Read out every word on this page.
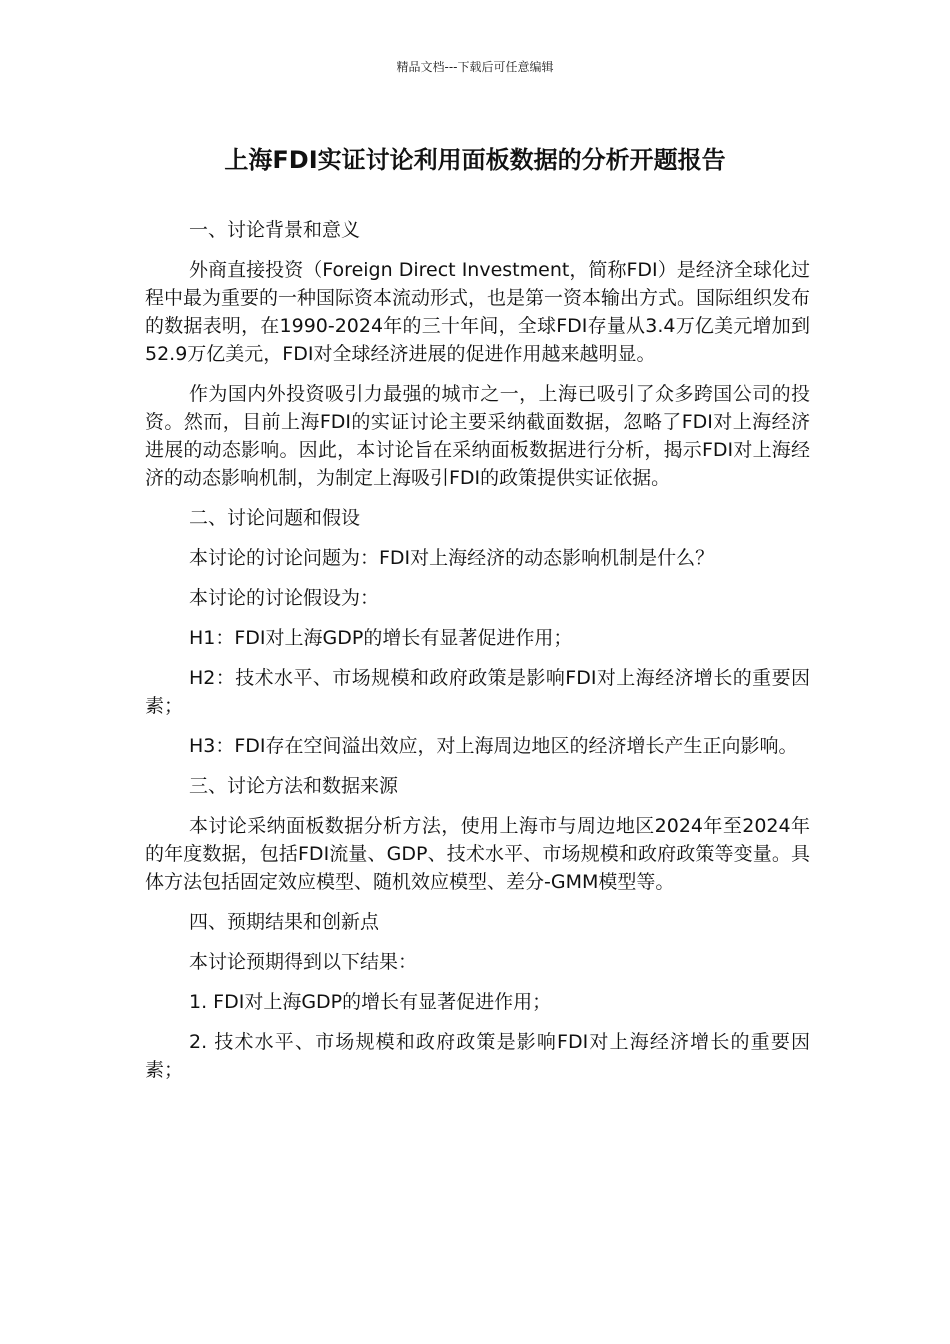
精品文档---下载后可任意编辑
上海FDI实证讨论利用面板数据的分析开题报告

一、讨论背景和意义

外商直接投资（Foreign Direct Investment，简称FDI）是经济全球化过程中最为重要的一种国际资本流动形式，也是第一资本输出方式。国际组织发布的数据表明，在1990-2024年的三十年间，全球FDI存量从3.4万亿美元增加到52.9万亿美元，FDI对全球经济进展的促进作用越来越明显。

作为国内外投资吸引力最强的城市之一，上海已吸引了众多跨国公司的投资。然而，目前上海FDI的实证讨论主要采纳截面数据，忽略了FDI对上海经济进展的动态影响。因此，本讨论旨在采纳面板数据进行分析，揭示FDI对上海经济的动态影响机制，为制定上海吸引FDI的政策提供实证依据。

二、讨论问题和假设

本讨论的讨论问题为：FDI对上海经济的动态影响机制是什么？

本讨论的讨论假设为：

H1：FDI对上海GDP的增长有显著促进作用；

H2：技术水平、市场规模和政府政策是影响FDI对上海经济增长的重要因素；

H3：FDI存在空间溢出效应，对上海周边地区的经济增长产生正向影响。

三、讨论方法和数据来源

本讨论采纳面板数据分析方法，使用上海市与周边地区2024年至2024年的年度数据，包括FDI流量、GDP、技术水平、市场规模和政府政策等变量。具体方法包括固定效应模型、随机效应模型、差分-GMM模型等。

四、预期结果和创新点

本讨论预期得到以下结果：

1. FDI对上海GDP的增长有显著促进作用；

2. 技术水平、市场规模和政府政策是影响FDI对上海经济增长的重要因素；
